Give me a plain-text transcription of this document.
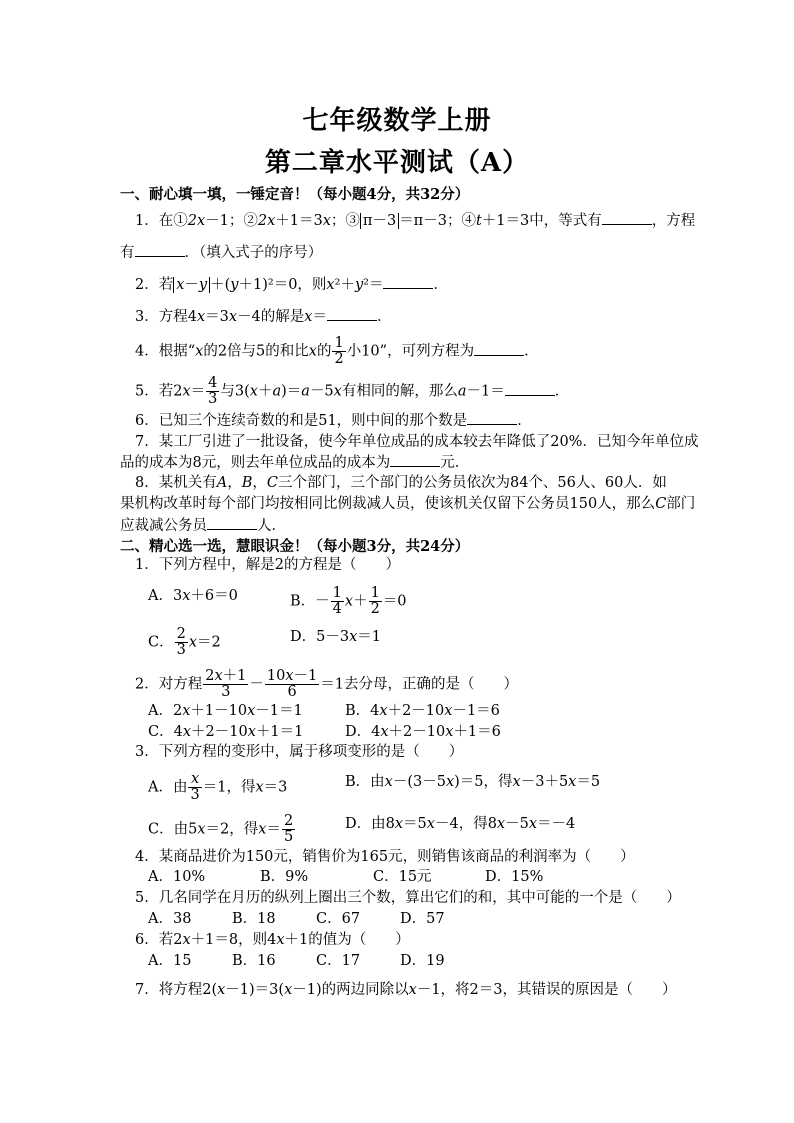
七年级数学上册
第二章水平测试（A）
一、耐心填一填，一锤定音！（每小题4分，共32分）
1．在①2x－1；②2x＋1＝3x；③ π－3 ＝π－3；④t＋1＝3中，等式有	，方程
有	．（填入式子的序号）
2．若 x－y ＋(y＋1)²＝0，则x²＋y²＝	．
3．方程4x＝3x－4的解是x＝	．
4．根据“x的2倍与5的和比x的 $\frac{1}{2}$ 小10”，可列方程为	．
5．若$2x= \frac{4}{3}$ 与3(x＋a)＝a－5x有相同的解，那么a－1＝	．
6．已知三个连续奇数的和是51，则中间的那个数是	．
7．某工厂引进了一批设备，使今年单位成品的成本较去年降低了20%．已知今年单位成
品的成本为8元，则去年单位成品的成本为	元．
8．某机关有A，B，C三个部门，三个部门的公务员依次为84个、56人、60人．如
果机构改革时每个部门均按相同比例裁减人员，使该机关仅留下公务员150人，那么C部门
应裁减公务员	人．
二、精心选一选，慧眼识金！（每小题3分，共24分）
1．下列方程中，解是2的方程是（　　）
A．3x＋6＝0	B．－ $\frac{1}{4} x+ \frac{1}{2} =0$
C． $\frac{2}{3} x=2$	D．5－3x＝1
2．对方程 $\frac{2x+1}{3} - \frac{10x-1}{6} =1$去分母，正确的是（　　）
A．2x＋1－10x－1＝1	B．4x＋2－10x－1＝6
C．4x＋2－10x＋1＝1	D．4x＋2－10x＋1＝6
3．下列方程的变形中，属于移项变形的是（　　）
A．由 $\frac{x}{3} =1$，得x＝3	B．由x－(3－5x)＝5，得x－3＋5x＝5
C．由5x＝2，得$x= \frac{2}{5}$	D．由8x＝5x－4，得8x－5x＝－4
4．某商品进价为150元，销售价为165元，则销售该商品的利润率为（　　）
A．10%	B．9%	C．15元	D．15%
5．几名同学在月历的纵列上圈出三个数，算出它们的和，其中可能的一个是（　　）
A．38	B．18	C．67	D．57
6．若2x＋1＝8，则4x＋1的值为（　　）
A．15	B．16	C．17	D．19
7．将方程2(x－1)＝3(x－1)的两边同除以x－1，将2＝3，其错误的原因是（　　）
